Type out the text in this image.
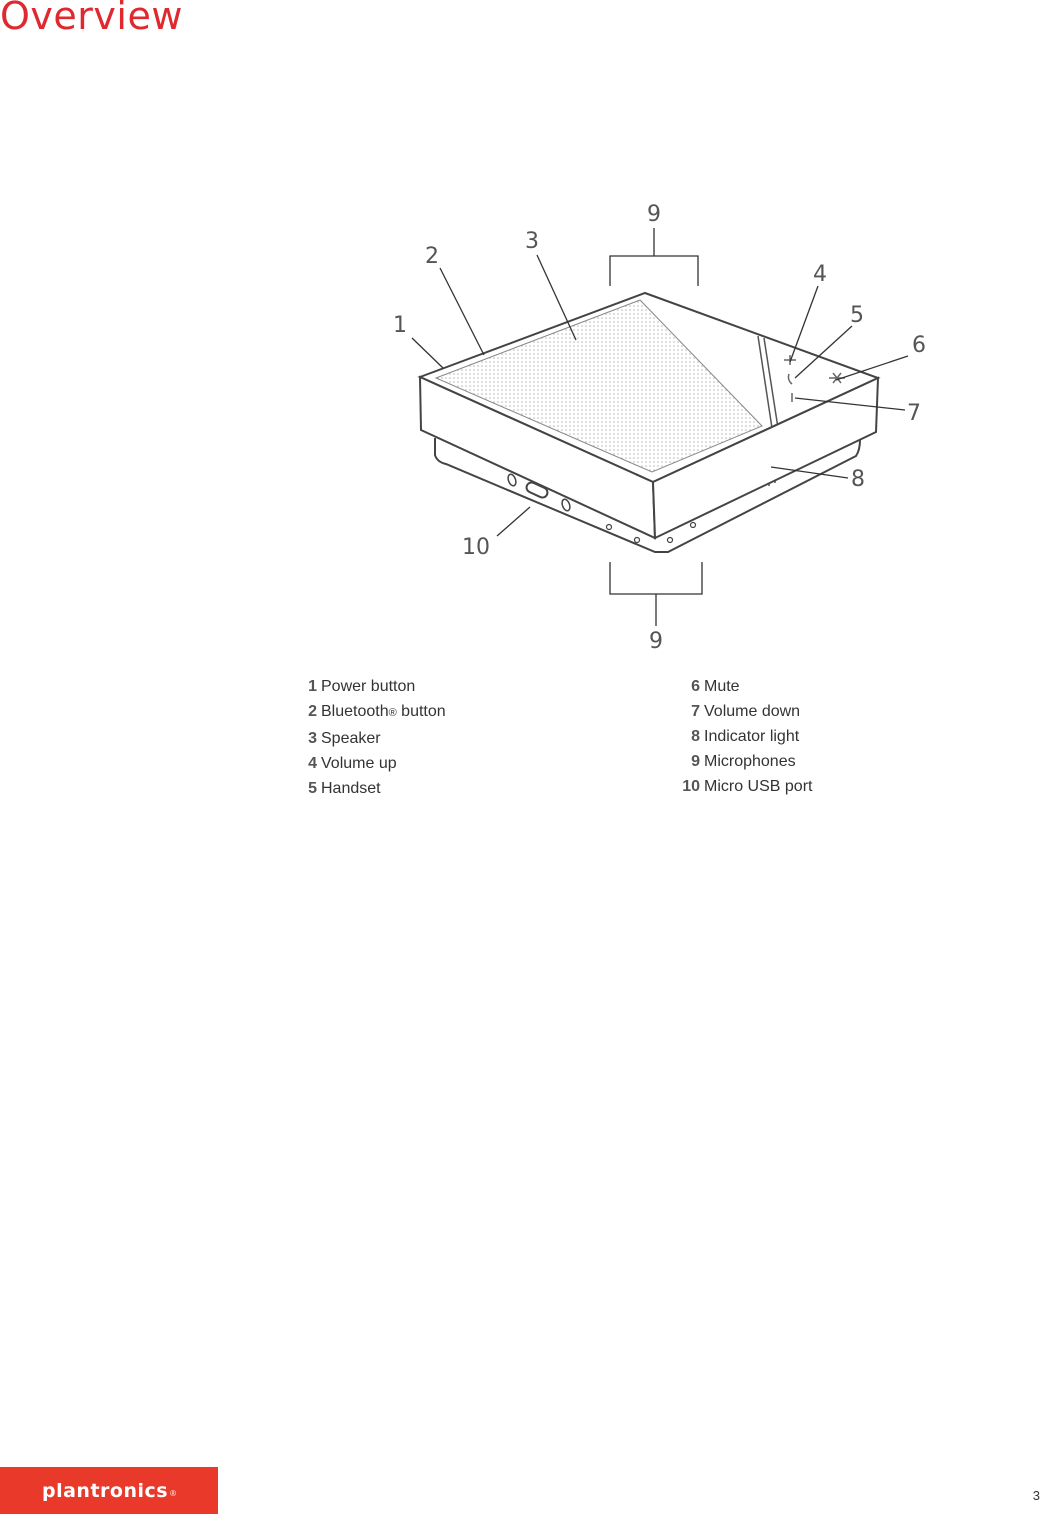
Overview
1
2
3
4
5
6
7
8
9
9
10
1 Power button
2 Bluetooth ® button
3 Speaker
4 Volume up
5 Handset
6 Mute
7 Volume down
8 Indicator light
9 Microphones
10 Micro USB port
plantronics ®	3
